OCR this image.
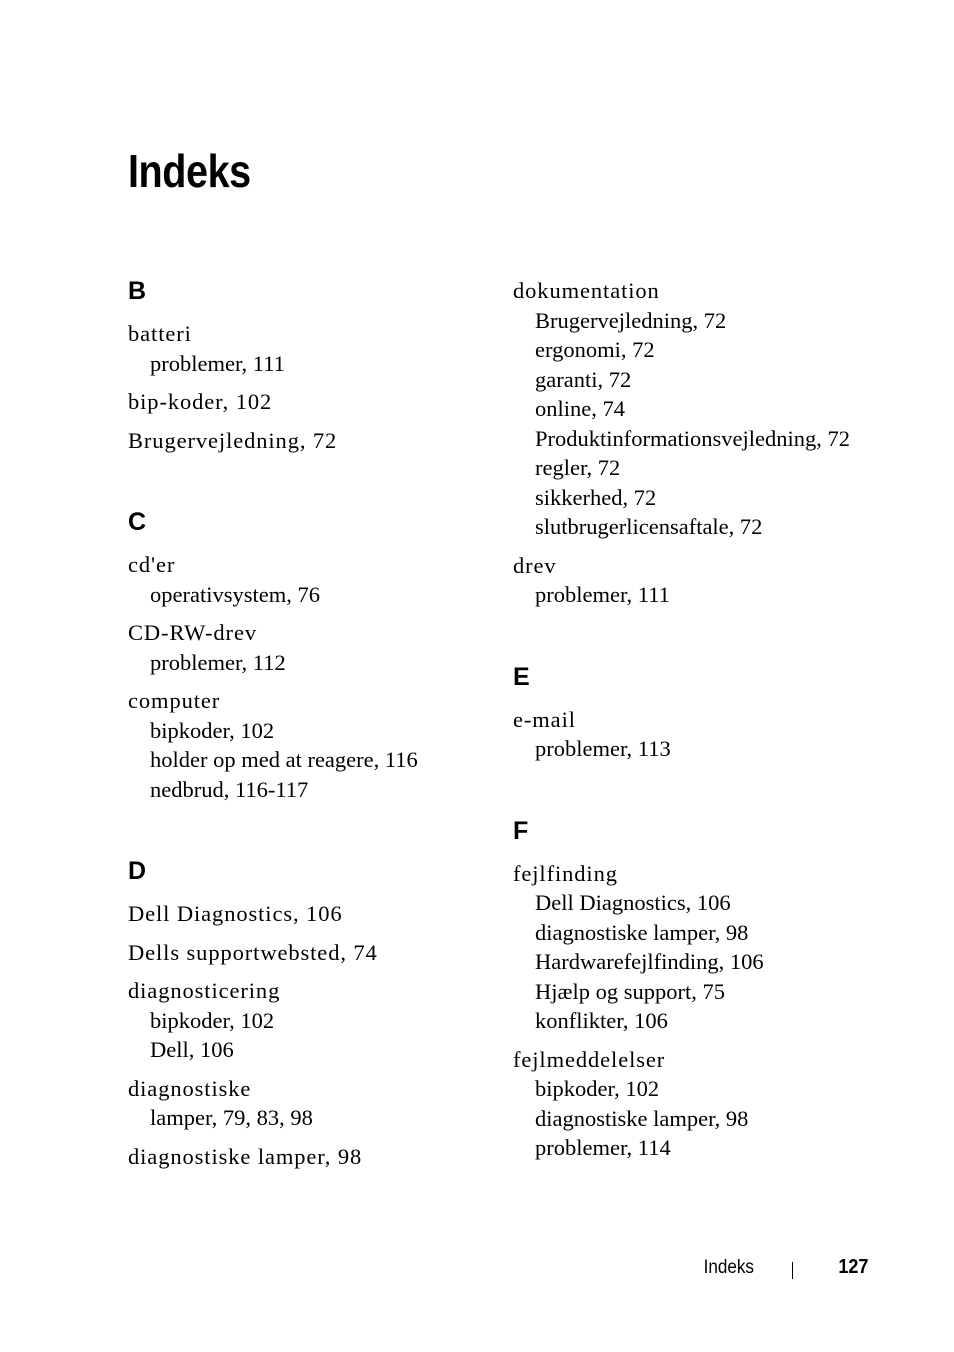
Indeks
B
batteri
problemer, 111
bip-koder, 102
Brugervejledning, 72
C
cd'er
operativsystem, 76
CD-RW-drev
problemer, 112
computer
bipkoder, 102
holder op med at reagere, 116
nedbrud, 116-117
D
Dell Diagnostics, 106
Dells supportwebsted, 74
diagnosticering
bipkoder, 102
Dell, 106
diagnostiske
lamper, 79, 83, 98
diagnostiske lamper, 98
dokumentation
Brugervejledning, 72
ergonomi, 72
garanti, 72
online, 74
Produktinformationsvejledning, 72
regler, 72
sikkerhed, 72
slutbrugerlicensaftale, 72
drev
problemer, 111
E
e-mail
problemer, 113
F
fejlfinding
Dell Diagnostics, 106
diagnostiske lamper, 98
Hardwarefejlfinding, 106
Hjælp og support, 75
konflikter, 106
fejlmeddelelser
bipkoder, 102
diagnostiske lamper, 98
problemer, 114
Indeks	127
